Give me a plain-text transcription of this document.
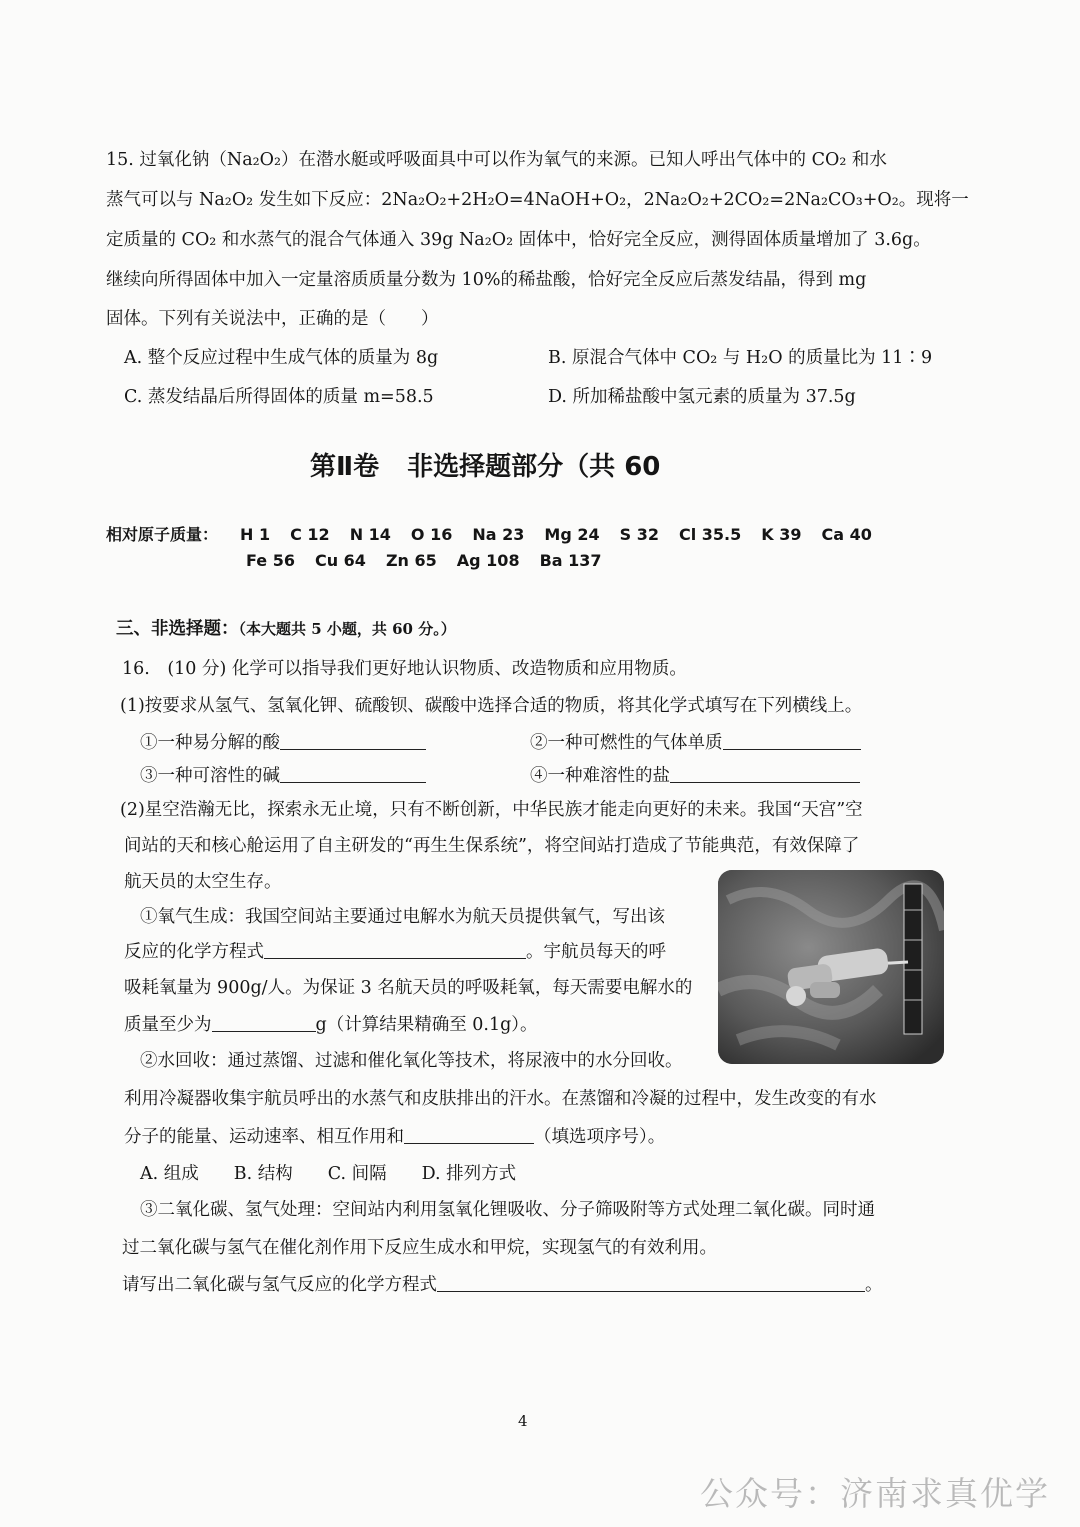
15. 过氧化钠（Na₂O₂）在潜水艇或呼吸面具中可以作为氧气的来源。已知人呼出气体中的 CO₂ 和水
蒸气可以与 Na₂O₂ 发生如下反应：2Na₂O₂+2H₂O=4NaOH+O₂，2Na₂O₂+2CO₂=2Na₂CO₃+O₂。现将一
定质量的 CO₂ 和水蒸气的混合气体通入 39g Na₂O₂ 固体中，恰好完全反应，测得固体质量增加了 3.6g。
继续向所得固体中加入一定量溶质质量分数为 10%的稀盐酸，恰好完全反应后蒸发结晶，得到 mg
固体。下列有关说法中，正确的是（　　）
A. 整个反应过程中生成气体的质量为 8g	B. 原混合气体中 CO₂ 与 H₂O 的质量比为 11∶9
C. 蒸发结晶后所得固体的质量 m=58.5	D. 所加稀盐酸中氢元素的质量为 37.5g
第Ⅱ卷 非选择题部分（共 60
相对原子质量： H 1 C 12 N 14 O 16 Na 23 Mg 24 S 32 Cl 35.5 K 39 Ca 40
Fe 56 Cu 64 Zn 65 Ag 108 Ba 137
三、非选择题：（本大题共 5 小题，共 60 分。）
16.　(10 分) 化学可以指导我们更好地认识物质、改造物质和应用物质。
(1)按要求从氢气、氢氧化钾、硫酸钡、碳酸中选择合适的物质，将其化学式填写在下列横线上。
①一种易分解的酸	②一种可燃性的气体单质
③一种可溶性的碱	④一种难溶性的盐
(2)星空浩瀚无比，探索永无止境，只有不断创新，中华民族才能走向更好的未来。我国“天宫”空
间站的天和核心舱运用了自主研发的“再生生保系统”，将空间站打造成了节能典范，有效保障了
航天员的太空生存。
①氧气生成：我国空间站主要通过电解水为航天员提供氧气，写出该
反应的化学方程式	。宇航员每天的呼
吸耗氧量为 900g/人。为保证 3 名航天员的呼吸耗氧，每天需要电解水的
质量至少为	g（计算结果精确至 0.1g）。
②水回收：通过蒸馏、过滤和催化氧化等技术，将尿液中的水分回收。
利用冷凝器收集宇航员呼出的水蒸气和皮肤排出的汗水。在蒸馏和冷凝的过程中，发生改变的有水
分子的能量、运动速率、相互作用和	（填选项序号）。
A. 组成　　B. 结构　　C. 间隔　　D. 排列方式
③二氧化碳、氢气处理：空间站内利用氢氧化锂吸收、分子筛吸附等方式处理二氧化碳。同时通
过二氧化碳与氢气在催化剂作用下反应生成水和甲烷，实现氢气的有效利用。
请写出二氧化碳与氢气反应的化学方程式	。
4
公众号：济南求真优学
